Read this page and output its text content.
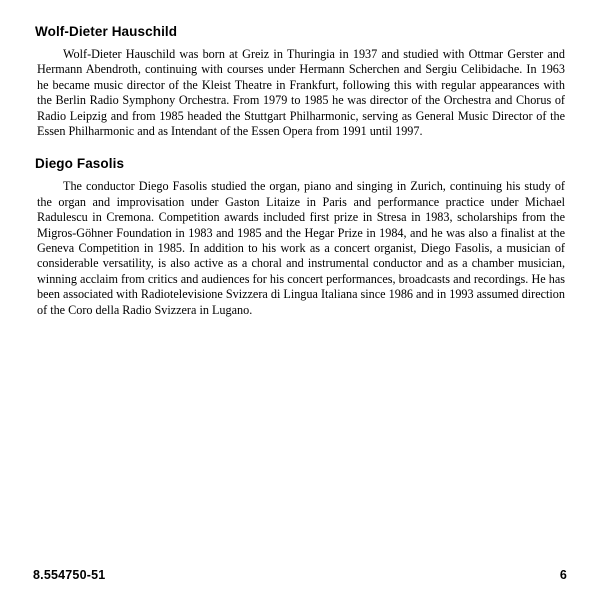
Wolf-Dieter Hauschild

Wolf-Dieter Hauschild was born at Greiz in Thuringia in 1937 and studied with Ottmar Gerster and Hermann Abendroth, continuing with courses under Hermann Scherchen and Sergiu Celibidache. In 1963 he became music director of the Kleist Theatre in Frankfurt, following this with regular appearances with the Berlin Radio Symphony Orchestra. From 1979 to 1985 he was director of the Orchestra and Chorus of Radio Leipzig and from 1985 headed the Stuttgart Philharmonic, serving as General Music Director of the Essen Philharmonic and as Intendant of the Essen Opera from 1991 until 1997.

Diego Fasolis

The conductor Diego Fasolis studied the organ, piano and singing in Zurich, continuing his study of the organ and improvisation under Gaston Litaize in Paris and performance practice under Michael Radulescu in Cremona. Competition awards included first prize in Stresa in 1983, scholarships from the Migros-Göhner Foundation in 1983 and 1985 and the Hegar Prize in 1984, and he was also a finalist at the Geneva Competition in 1985. In addition to his work as a concert organist, Diego Fasolis, a musician of considerable versatility, is also active as a choral and instrumental conductor and as a chamber musician, winning acclaim from critics and audiences for his concert performances, broadcasts and recordings. He has been associated with Radiotelevisione Svizzera di Lingua Italiana since 1986 and in 1993 assumed direction of the Coro della Radio Svizzera in Lugano.

8.554750-51	6
